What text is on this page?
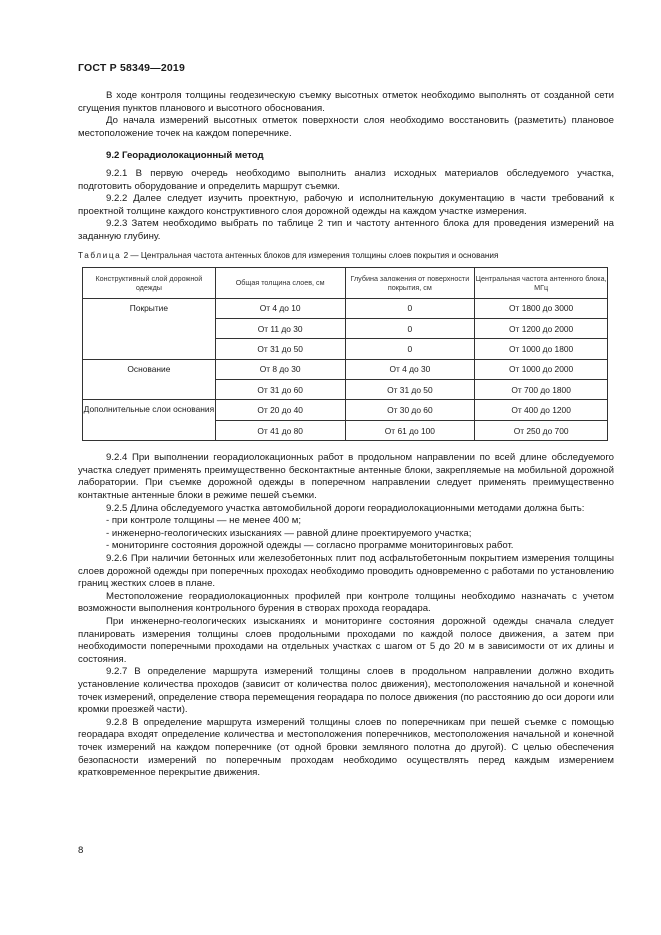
ГОСТ Р 58349—2019

В ходе контроля толщины геодезическую съемку высотных отметок необходимо выполнять от созданной сети сгущения пунктов планового и высотного обоснования.

До начала измерений высотных отметок поверхности слоя необходимо восстановить (разметить) плановое местоположение точек на каждом поперечнике.

9.2 Георадиолокационный метод

9.2.1 В первую очередь необходимо выполнить анализ исходных материалов обследуемого участка, подготовить оборудование и определить маршрут съемки.

9.2.2 Далее следует изучить проектную, рабочую и исполнительную документацию в части требований к проектной толщине каждого конструктивного слоя дорожной одежды на каждом участке измерения.

9.2.3 Затем необходимо выбрать по таблице 2 тип и частоту антенного блока для проведения измерений на заданную глубину.

Таблица 2 — Центральная частота антенных блоков для измерения толщины слоев покрытия и основания

Конструктивный слой дорожной одежды	Общая толщина слоев, см	Глубина заложения от поверхности покрытия, см	Центральная частота антенного блока, МГц
Покрытие	От 4 до 10	0	От 1800 до 3000
	От 11 до 30	0	От 1200 до 2000
	От 31 до 50	0	От 1000 до 1800
Основание	От 8 до 30	От 4 до 30	От 1000 до 2000
	От 31 до 60	От 31 до 50	От 700 до 1800
Дополнительные слои основания	От 20 до 40	От 30 до 60	От 400 до 1200
	От 41 до 80	От 61 до 100	От 250 до 700

9.2.4 При выполнении георадиолокационных работ в продольном направлении по всей длине обследуемого участка следует применять преимущественно бесконтактные антенные блоки, закрепляемые на мобильной дорожной лаборатории. При съемке дорожной одежды в поперечном направлении следует применять преимущественно контактные антенные блоки в режиме пешей съемки.

9.2.5 Длина обследуемого участка автомобильной дороги георадиолокационными методами должна быть:

- при контроле толщины — не менее 400 м;
- инженерно-геологических изысканиях — равной длине проектируемого участка;
- мониторинге состояния дорожной одежды — согласно программе мониторинговых работ.

9.2.6 При наличии бетонных или железобетонных плит под асфальтобетонным покрытием измерения толщины слоев дорожной одежды при поперечных проходах необходимо проводить одновременно с работами по установлению границ жестких слоев в плане.

Местоположение георадиолокационных профилей при контроле толщины необходимо назначать с учетом возможности выполнения контрольного бурения в створах прохода георадара.

При инженерно-геологических изысканиях и мониторинге состояния дорожной одежды сначала следует планировать измерения толщины слоев продольными проходами по каждой полосе движения, а затем при необходимости поперечными проходами на отдельных участках с шагом от 5 до 20 м в зависимости от их длины и состояния.

9.2.7 В определение маршрута измерений толщины слоев в продольном направлении должно входить установление количества проходов (зависит от количества полос движения), местоположения начальной и конечной точек измерений, определение створа перемещения георадара по полосе движения (по расстоянию до оси дороги или кромки проезжей части).

9.2.8 В определение маршрута измерений толщины слоев по поперечникам при пешей съемке с помощью георадара входят определение количества и местоположения поперечников, местоположения начальной и конечной точек измерений на каждом поперечнике (от одной бровки земляного полотна до другой). С целью обеспечения безопасности измерений по поперечным проходам необходимо осуществлять перед каждым измерением кратковременное перекрытие движения.

8
